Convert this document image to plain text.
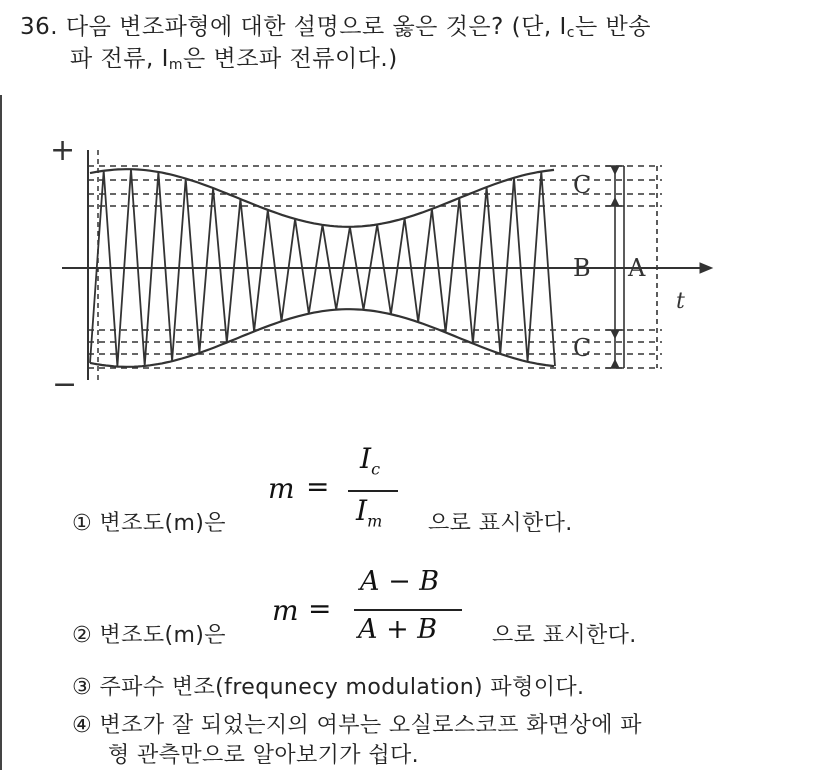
36. 다음 변조파형에 대한 설명으로 옳은 것은? (단, $I_c$는 반송
파 전류, $I_m$은 변조파 전류이다.)
+
−
C
B A
C
t
① 변조도(m)은
m =
$I_c$
$I_m$ 으로 표시한다.
② 변조도(m)은
m =
A − B
A + B 으로 표시한다.
③ 주파수 변조(frequnecy modulation) 파형이다.
④ 변조가 잘 되었는지의 여부는 오실로스코프 화면상에 파
형 관측만으로 알아보기가 쉽다.
